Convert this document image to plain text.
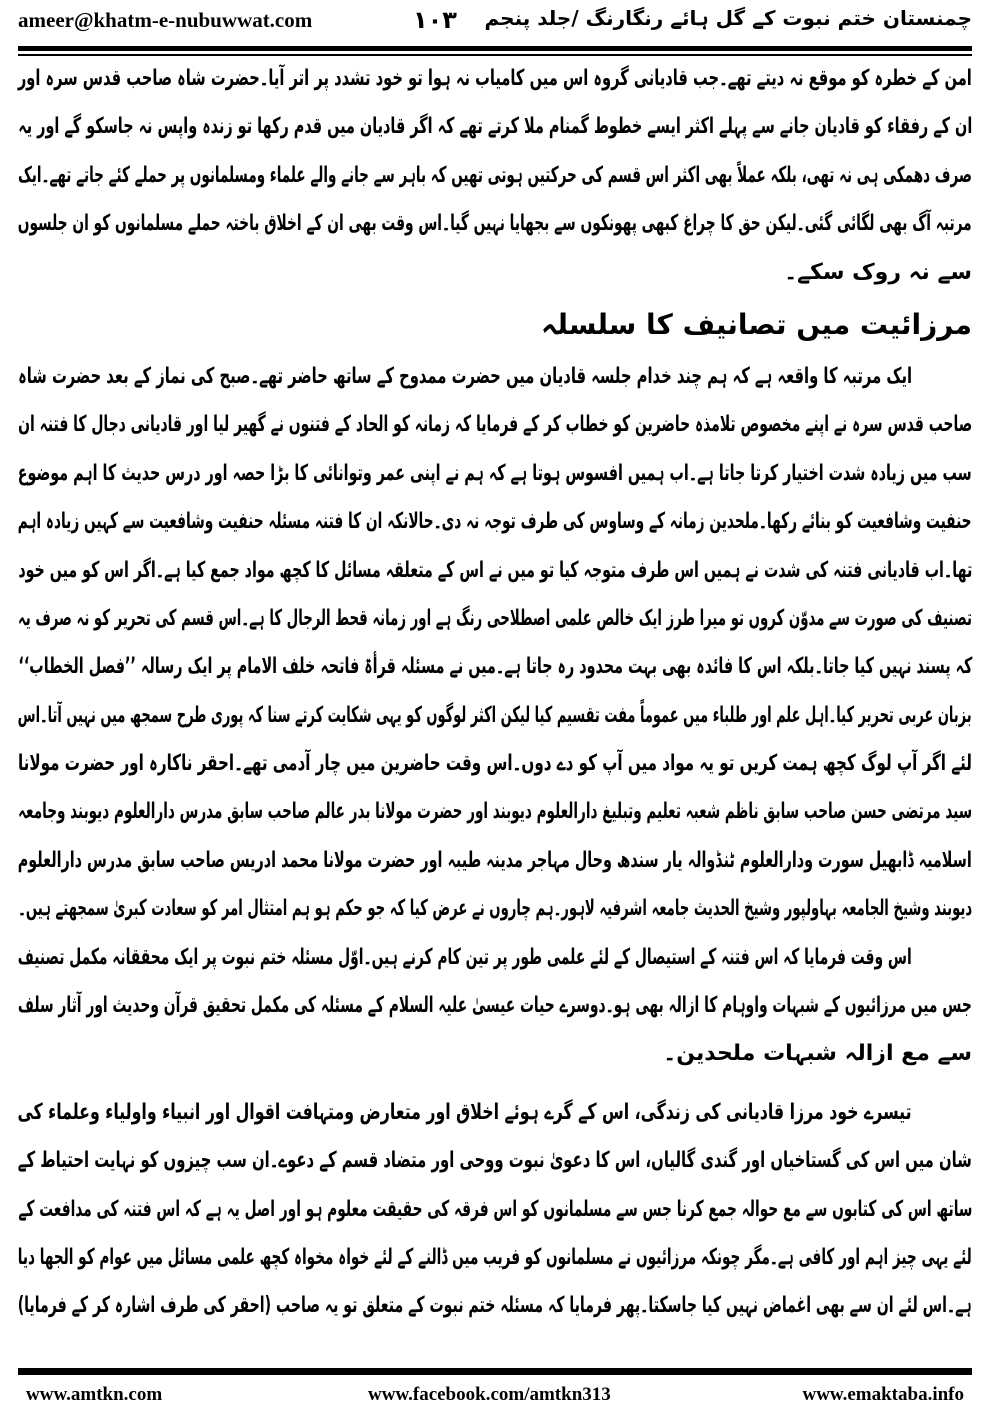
ameer@khatm-e-nubuwwat.com	۱۰۳	چمنستان ختم نبوت کے گل ہائے رنگارنگ /جلد پنجم
امن کے خطرہ کو موقع نہ دیتے تھے۔جب قادیانی گروہ اس میں کامیاب نہ ہوا تو خود تشدد پر اتر آیا۔حضرت شاہ صاحب قدس سرہ اور
ان کے رفقاء کو قادیان جانے سے پہلے اکثر ایسے خطوط گمنام ملا کرتے تھے کہ اگر قادیان میں قدم رکھا تو زندہ واپس نہ جاسکو گے اور یہ
صرف دھمکی ہی نہ تھی، بلکہ عملاً بھی اکثر اس قسم کی حرکتیں ہوتی تھیں کہ باہر سے جانے والے علماء ومسلمانوں پر حملے کئے جاتے تھے۔ایک
مرتبہ آگ بھی لگائی گئی۔لیکن حق کا چراغ کبھی پھونکوں سے بجھایا نہیں گیا۔اس وقت بھی ان کے اخلاق باختہ حملے مسلمانوں کو ان جلسوں
سے نہ روک سکے۔
مرزائیت میں تصانیف کا سلسلہ
ایک مرتبہ کا واقعہ ہے کہ ہم چند خدام جلسہ قادیان میں حضرت ممدوح کے ساتھ حاضر تھے۔صبح کی نماز کے بعد حضرت شاہ
صاحب قدس سرہ نے اپنے مخصوص تلامذہ حاضرین کو خطاب کر کے فرمایا کہ زمانہ کو الحاد کے فتنوں نے گھیر لیا اور قادیانی دجال کا فتنہ ان
سب میں زیادہ شدت اختیار کرتا جاتا ہے۔اب ہمیں افسوس ہوتا ہے کہ ہم نے اپنی عمر وتوانائی کا بڑا حصہ اور درس حدیث کا اہم موضوع
حنفیت وشافعیت کو بنائے رکھا۔ملحدین زمانہ کے وساوس کی طرف توجہ نہ دی۔حالانکہ ان کا فتنہ مسئلہ حنفیت وشافعیت سے کہیں زیادہ اہم
تھا۔اب قادیانی فتنہ کی شدت نے ہمیں اس طرف متوجہ کیا تو میں نے اس کے متعلقہ مسائل کا کچھ مواد جمع کیا ہے۔اگر اس کو میں خود
تصنیف کی صورت سے مدوّن کروں تو میرا طرز ایک خالص علمی اصطلاحی رنگ ہے اور زمانہ قحط الرجال کا ہے۔اس قسم کی تحریر کو نہ صرف یہ
کہ پسند نہیں کیا جاتا۔بلکہ اس کا فائدہ بھی بہت محدود رہ جاتا ہے۔میں نے مسئلہ قرأۃ فاتحہ خلف الامام پر ایک رسالہ ’’فصل الخطاب‘‘
بزبان عربی تحریر کیا۔اہل علم اور طلباء میں عموماً مفت تقسیم کیا لیکن اکثر لوگوں کو یہی شکایت کرتے سنا کہ پوری طرح سمجھ میں نہیں آتا۔اس
لئے اگر آپ لوگ کچھ ہمت کریں تو یہ مواد میں آپ کو دے دوں۔اس وقت حاضرین میں چار آدمی تھے۔احقر ناکارہ اور حضرت مولانا
سید مرتضی حسن صاحب سابق ناظم شعبہ تعلیم وتبلیغ دارالعلوم دیوبند اور حضرت مولانا بدر عالم صاحب سابق مدرس دارالعلوم دیوبند وجامعہ
اسلامیہ ڈابھیل سورت ودارالعلوم ٹنڈوالہ یار سندھ وحال مہاجر مدینہ طیبہ اور حضرت مولانا محمد ادریس صاحب سابق مدرس دارالعلوم
دیوبند وشیخ الجامعہ بہاولپور وشیخ الحدیث جامعہ اشرفیہ لاہور۔ہم چاروں نے عرض کیا کہ جو حکم ہو ہم امتثال امر کو سعادت کبریٰ سمجھتے ہیں۔
اس وقت فرمایا کہ اس فتنہ کے استیصال کے لئے علمی طور پر تین کام کرنے ہیں۔اوّل مسئلہ ختم نبوت پر ایک محققانہ مکمل تصنیف
جس میں مرزائیوں کے شبہات واوہام کا ازالہ بھی ہو۔دوسرے حیات عیسیٰ علیہ السلام کے مسئلہ کی مکمل تحقیق قرآن وحدیث اور آثار سلف
سے مع ازالہ شبہات ملحدین۔
تیسرے خود مرزا قادیانی کی زندگی، اس کے گرے ہوئے اخلاق اور متعارض ومتہافت اقوال اور انبیاء واولیاء وعلماء کی
شان میں اس کی گستاخیاں اور گندی گالیاں، اس کا دعویٰ نبوت ووحی اور متضاد قسم کے دعوے۔ان سب چیزوں کو نہایت احتیاط کے
ساتھ اس کی کتابوں سے مع حوالہ جمع کرنا جس سے مسلمانوں کو اس فرقہ کی حقیقت معلوم ہو اور اصل یہ ہے کہ اس فتنہ کی مدافعت کے
لئے یہی چیز اہم اور کافی ہے۔مگر چونکہ مرزائیوں نے مسلمانوں کو فریب میں ڈالنے کے لئے خواہ مخواہ کچھ علمی مسائل میں عوام کو الجھا دیا
ہے۔اس لئے ان سے بھی اغماض نہیں کیا جاسکتا۔پھر فرمایا کہ مسئلہ ختم نبوت کے متعلق تو یہ صاحب (احقر کی طرف اشارہ کر کے فرمایا)
www.amtkn.com	www.facebook.com/amtkn313	www.emaktaba.info
